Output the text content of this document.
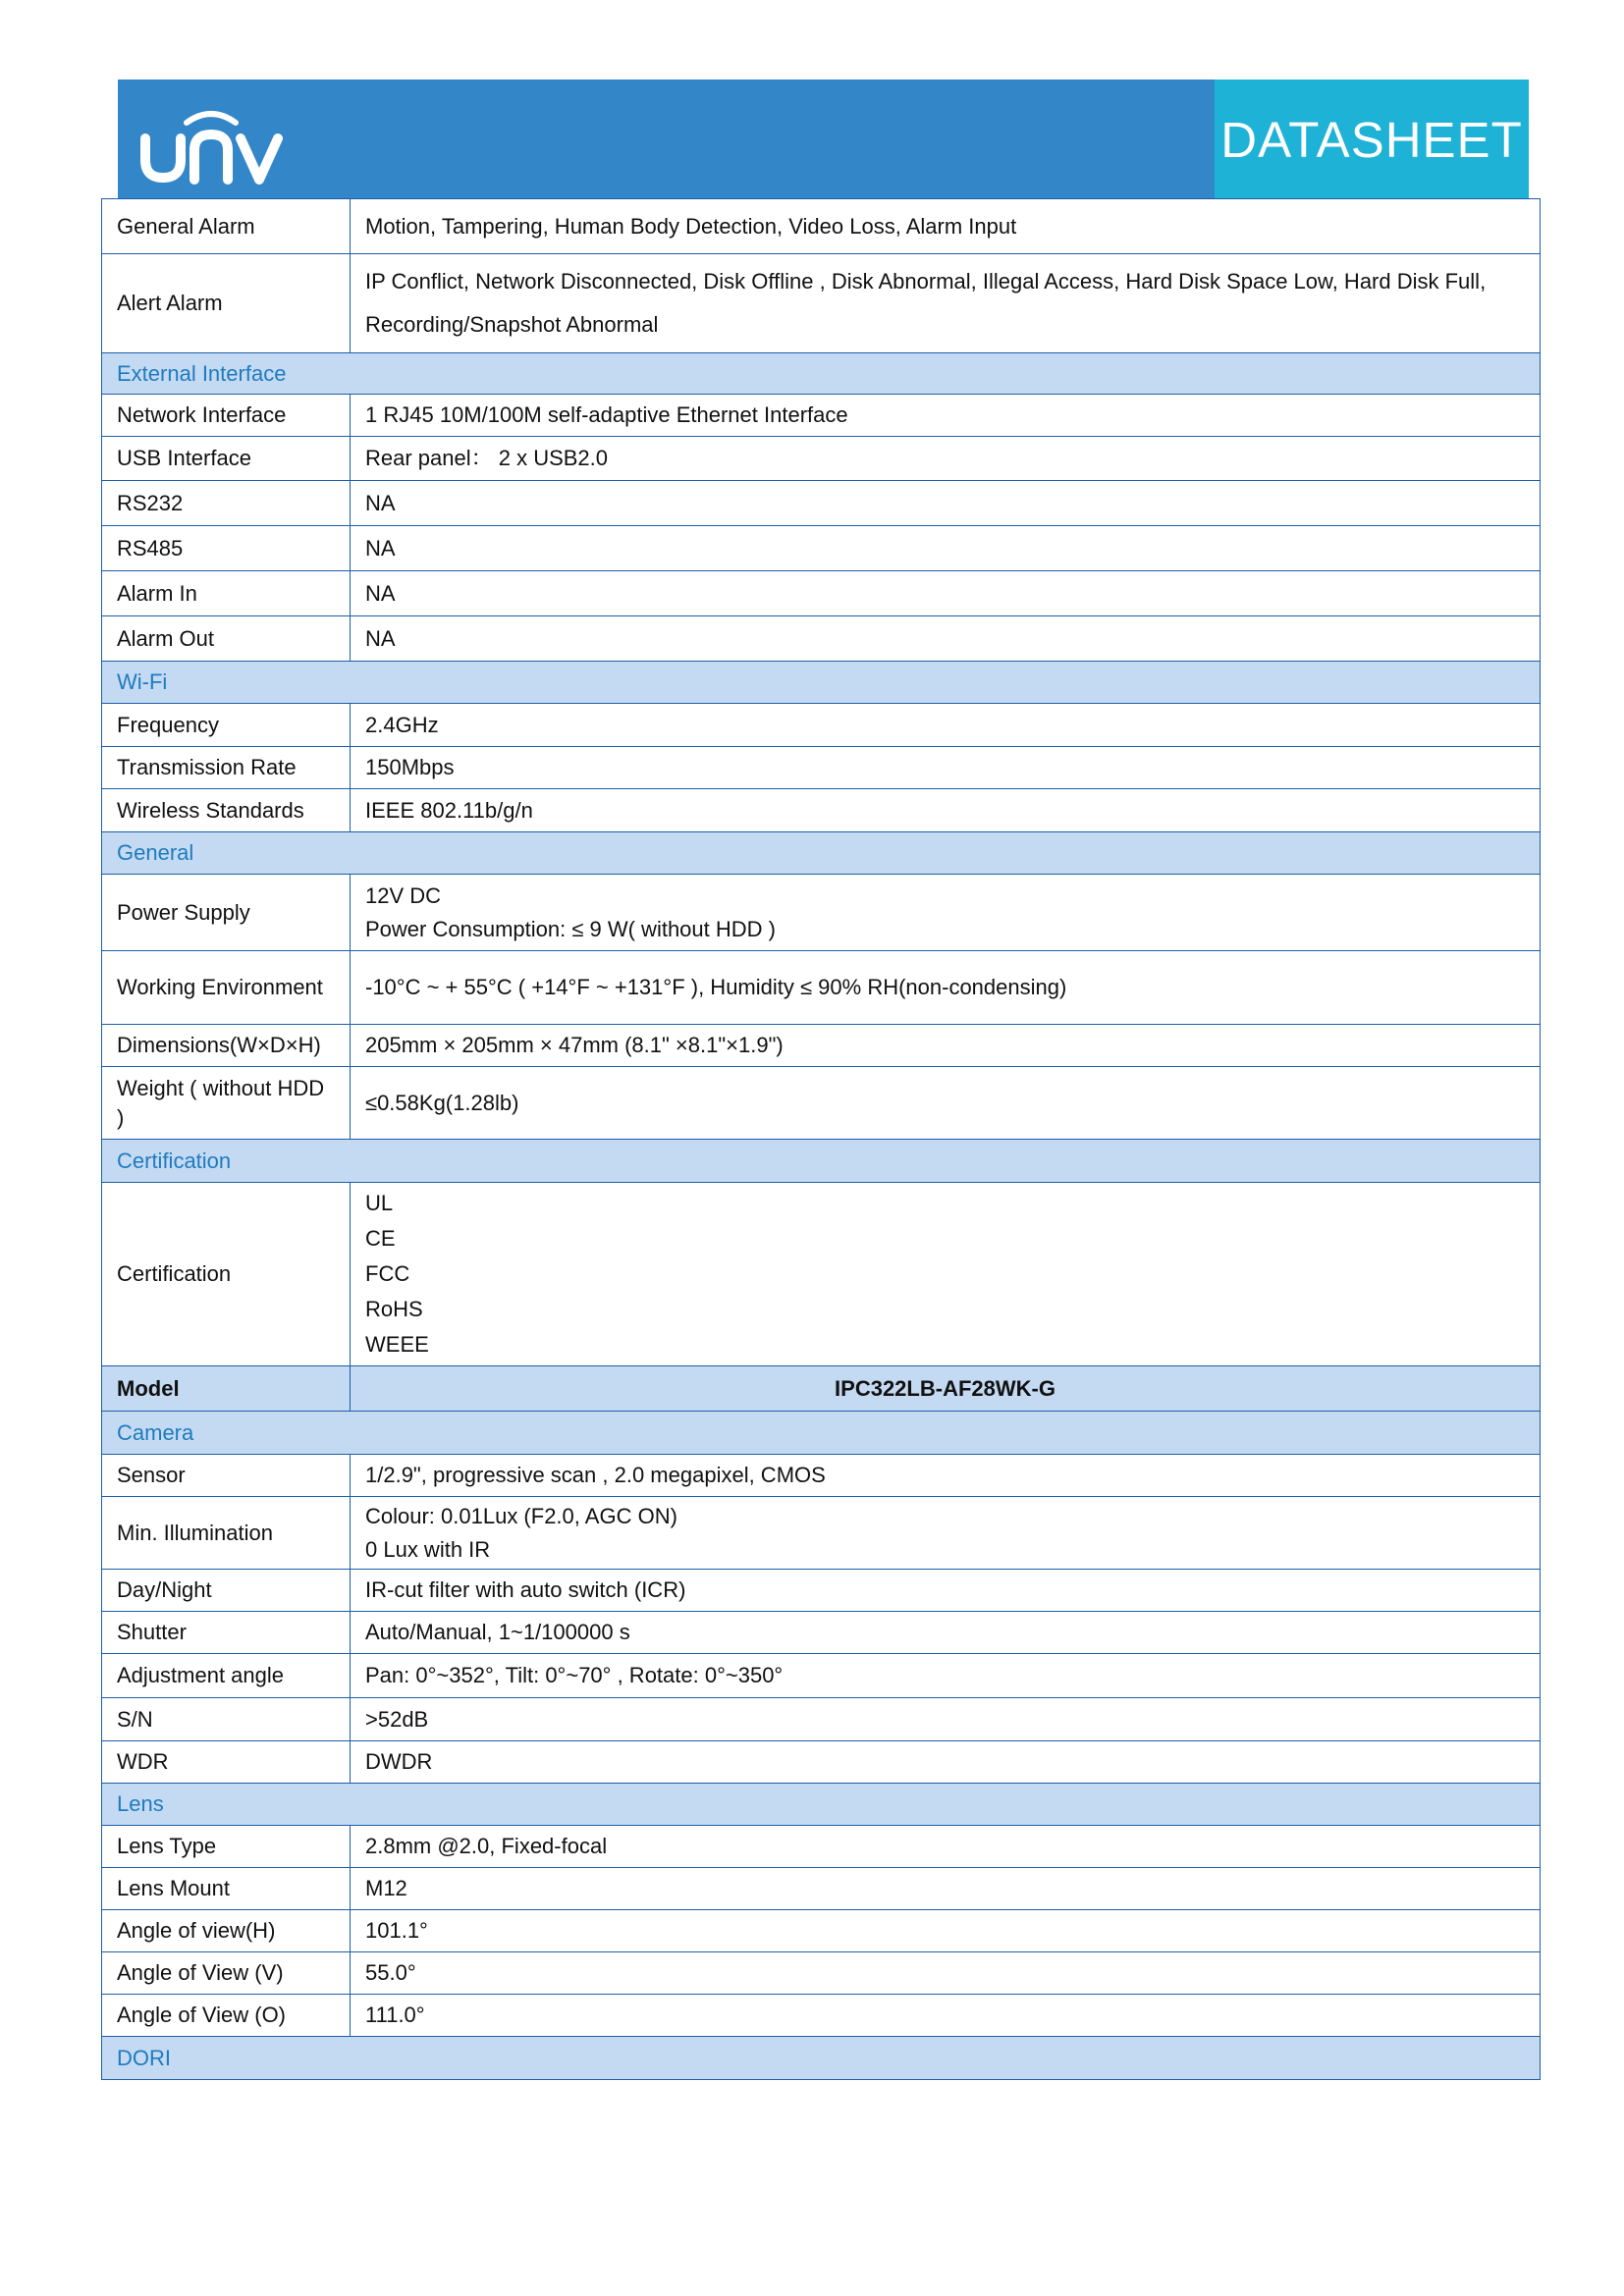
DATASHEET
General Alarm	Motion, Tampering, Human Body Detection, Video Loss, Alarm Input
Alert Alarm	IP Conflict, Network Disconnected, Disk Offline , Disk Abnormal, Illegal Access, Hard Disk Space Low, Hard Disk Full, Recording/Snapshot Abnormal
External Interface	
Network Interface	1 RJ45 10M/100M self-adaptive Ethernet Interface
USB Interface	Rear panel： 2 x USB2.0
RS232	NA
RS485	NA
Alarm In	NA
Alarm Out	NA
Wi-Fi	
Frequency	2.4GHz
Transmission Rate	150Mbps
Wireless Standards	IEEE 802.11b/g/n
General	
Power Supply	12V DC
Power Consumption: ≤ 9 W( without HDD )

Working Environment	-10°C ~ + 55°C ( +14°F ~ +131°F ), Humidity ≤ 90% RH(non-condensing)
Dimensions(W×D×H)	205mm × 205mm × 47mm (8.1" ×8.1"×1.9")
Weight ( without HDD )	≤0.58Kg(1.28lb)
Certification	
Certification	UL
CE
FCC
RoHS
WEEE

Model	IPC322LB-AF28WK-G
Camera	
Sensor	1/2.9", progressive scan , 2.0 megapixel, CMOS
Min. Illumination	Colour: 0.01Lux (F2.0, AGC ON)
0 Lux with IR

Day/Night	IR-cut filter with auto switch (ICR)
Shutter	Auto/Manual, 1~1/100000 s
Adjustment angle	Pan: 0°~352°, Tilt: 0°~70° , Rotate: 0°~350°
S/N	>52dB
WDR	DWDR
Lens	
Lens Type	2.8mm @2.0, Fixed-focal
Lens Mount	M12
Angle of view(H)	101.1°
Angle of View (V)	55.0°
Angle of View (O)	111.0°
DORI	
